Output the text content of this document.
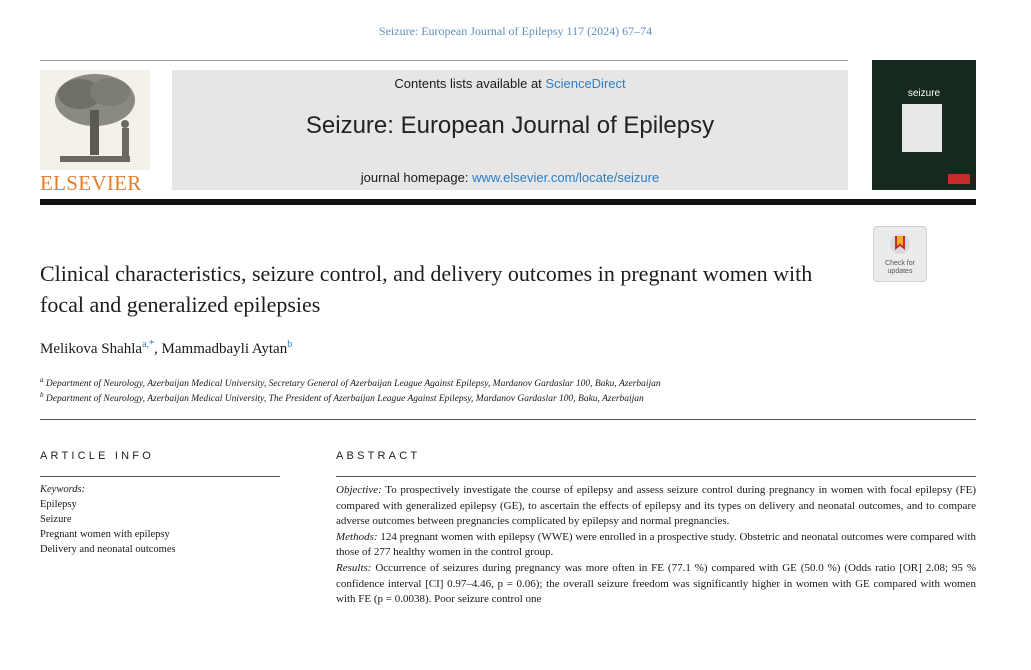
Seizure: European Journal of Epilepsy 117 (2024) 67–74
ELSEVIER
Contents lists available at ScienceDirect
Seizure: European Journal of Epilepsy
journal homepage: www.elsevier.com/locate/seizure
seizure
Check for
updates
Clinical characteristics, seizure control, and delivery outcomes in pregnant women with focal and generalized epilepsies
Melikova Shahla$^{a,*}$, Mammadbayli Aytan$^b$
$^a$ Department of Neurology, Azerbaijan Medical University, Secretary General of Azerbaijan League Against Epilepsy, Mardanov Gardaslar 100, Baku, Azerbaijan
$^b$ Department of Neurology, Azerbaijan Medical University, The President of Azerbaijan League Against Epilepsy, Mardanov Gardaslar 100, Baku, Azerbaijan
ARTICLE INFO	ABSTRACT
Keywords:
Epilepsy
Seizure
Pregnant women with epilepsy
Delivery and neonatal outcomes

Objective: To prospectively investigate the course of epilepsy and assess seizure control during pregnancy in women with focal epilepsy (FE) compared with generalized epilepsy (GE), to ascertain the effects of epilepsy and its types on delivery and neonatal outcomes, and to compare adverse outcomes between pregnancies complicated by epilepsy and normal pregnancies.

Methods: 124 pregnant women with epilepsy (WWE) were enrolled in a prospective study. Obstetric and neonatal outcomes were compared with those of 277 healthy women in the control group.

Results: Occurrence of seizures during pregnancy was more often in FE (77.1 %) compared with GE (50.0 %) (Odds ratio [OR] 2.08; 95 % confidence interval [CI] 0.97–4.46, p = 0.06); the overall seizure freedom was significantly higher in women with GE compared with women with FE (p = 0.0038). Poor seizure control one
